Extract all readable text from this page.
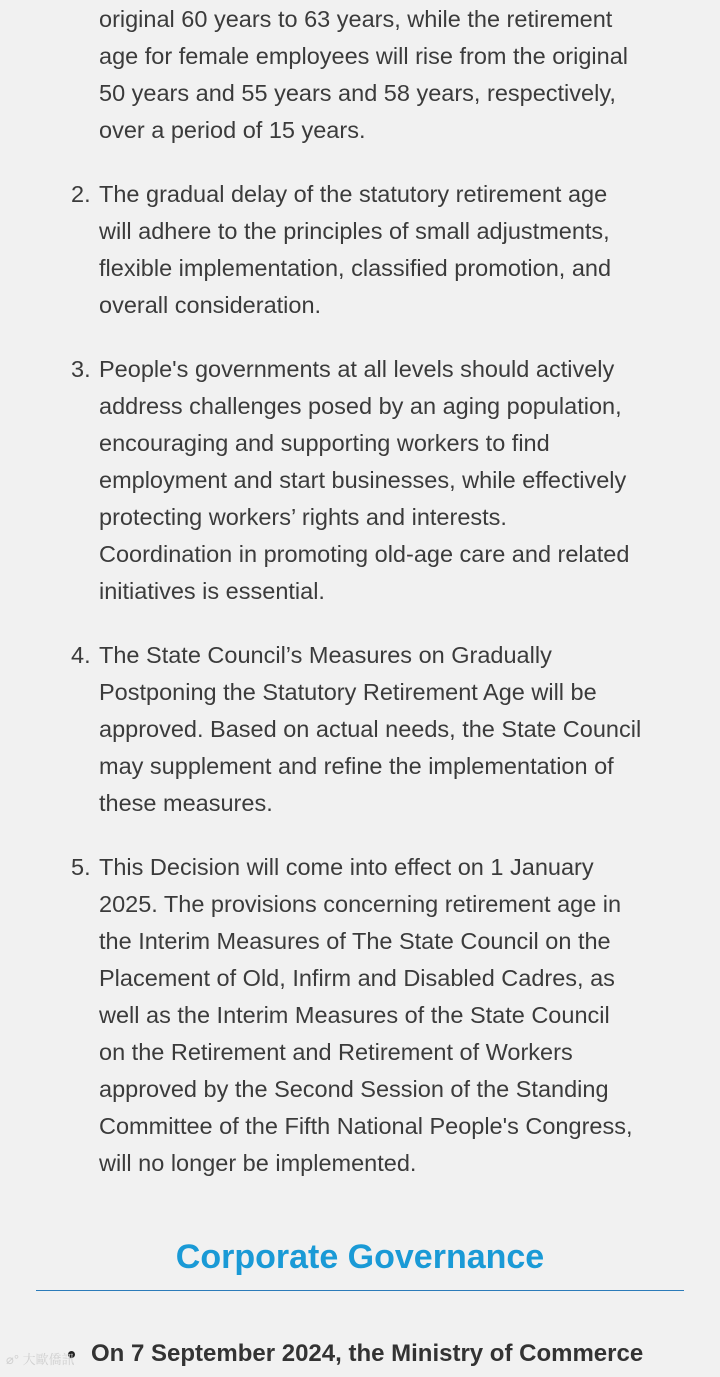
original 60 years to 63 years, while the retirement
age for female employees will rise from the original
50 years and 55 years and 58 years, respectively,
over a period of 15 years.
2. The gradual delay of the statutory retirement age
will adhere to the principles of small adjustments,
flexible implementation, classified promotion, and
overall consideration.
3. People's governments at all levels should actively
address challenges posed by an aging population,
encouraging and supporting workers to find
employment and start businesses, while effectively
protecting workers’ rights and interests.
Coordination in promoting old-age care and related
initiatives is essential.
4. The State Council’s Measures on Gradually
Postponing the Statutory Retirement Age will be
approved. Based on actual needs, the State Council
may supplement and refine the implementation of
these measures.
5. This Decision will come into effect on 1 January
2025. The provisions concerning retirement age in
the Interim Measures of The State Council on the
Placement of Old, Infirm and Disabled Cadres, as
well as the Interim Measures of the State Council
on the Retirement and Retirement of Workers
approved by the Second Session of the Standing
Committee of the Fifth National People's Congress,
will no longer be implemented.
Corporate Governance
On 7 September 2024, the Ministry of Commerce
⌀° 大歐僑訊
